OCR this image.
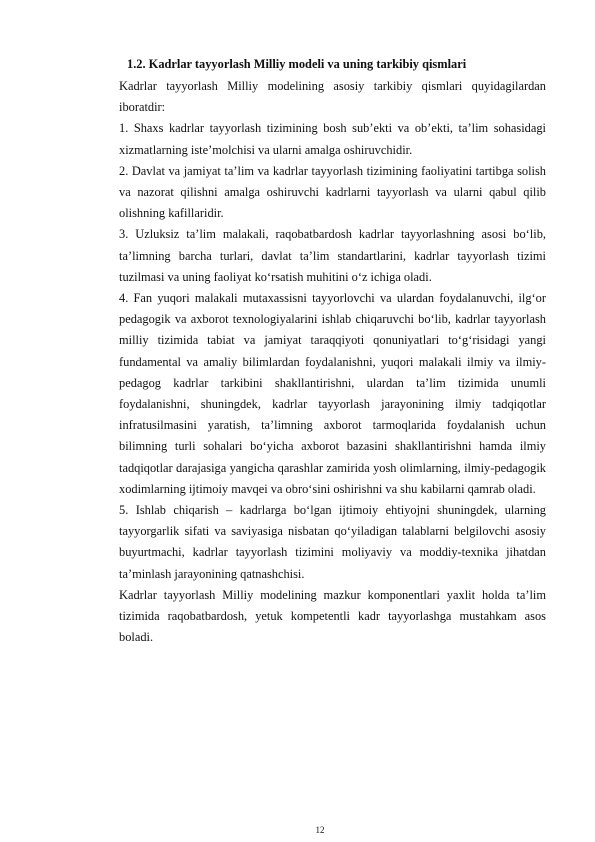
1.2. Kadrlar tayyorlash Milliy modeli va uning tarkibiy qismlari

Kadrlar tayyorlash Milliy modelining asosiy tarkibiy qismlari quyidagilardan iboratdir:

1. Shaxs kadrlar tayyorlash tizimining bosh sub’ekti va ob’ekti, ta’lim sohasidagi xizmatlarning iste’molchisi va ularni amalga oshiruvchidir.

2. Davlat va jamiyat ta’lim va kadrlar tayyorlash tizimining faoliyatini tartibga solish va nazorat qilishni amalga oshiruvchi kadrlarni tayyorlash va ularni qabul qilib olishning kafillaridir.

3. Uzluksiz ta’lim malakali, raqobatbardosh kadrlar tayyorlashning asosi bo‘lib, ta’limning barcha turlari, davlat ta’lim standartlarini, kadrlar tayyorlash tizimi tuzilmasi va uning faoliyat ko‘rsatish muhitini o‘z ichiga oladi.

4. Fan yuqori malakali mutaxassisni tayyorlovchi va ulardan foydalanuvchi, ilg‘or pedagogik va axborot texnologiyalarini ishlab chiqaruvchi bo‘lib, kadrlar tayyorlash milliy tizimida tabiat va jamiyat taraqqiyoti qonuniyatlari to‘g‘risidagi yangi fundamental va amaliy bilimlardan foydalanishni, yuqori malakali ilmiy va ilmiy-pedagog kadrlar tarkibini shakllantirishni, ulardan ta’lim tizimida unumli foydalanishni, shuningdek, kadrlar tayyorlash jarayonining ilmiy tadqiqotlar infratusilmasini yaratish, ta’limning axborot tarmoqlarida foydalanish uchun bilimning turli sohalari bo‘yicha axborot bazasini shakllantirishni hamda ilmiy tadqiqotlar darajasiga yangicha qarashlar zamirida yosh olimlarning, ilmiy-pedagogik xodimlarning ijtimoiy mavqei va obro‘sini oshirishni va shu kabilarni qamrab oladi.

5. Ishlab chiqarish – kadrlarga bo‘lgan ijtimoiy ehtiyojni shuningdek, ularning tayyorgarlik sifati va saviyasiga nisbatan qo‘yiladigan talablarni belgilovchi asosiy buyurtmachi, kadrlar tayyorlash tizimini moliyaviy va moddiy-texnika jihatdan ta’minlash jarayonining qatnashchisi.

Kadrlar tayyorlash Milliy modelining mazkur komponentlari yaxlit holda ta’lim tizimida raqobatbardosh, yetuk kompetentli kadr tayyorlashga mustahkam asos boladi.

12
